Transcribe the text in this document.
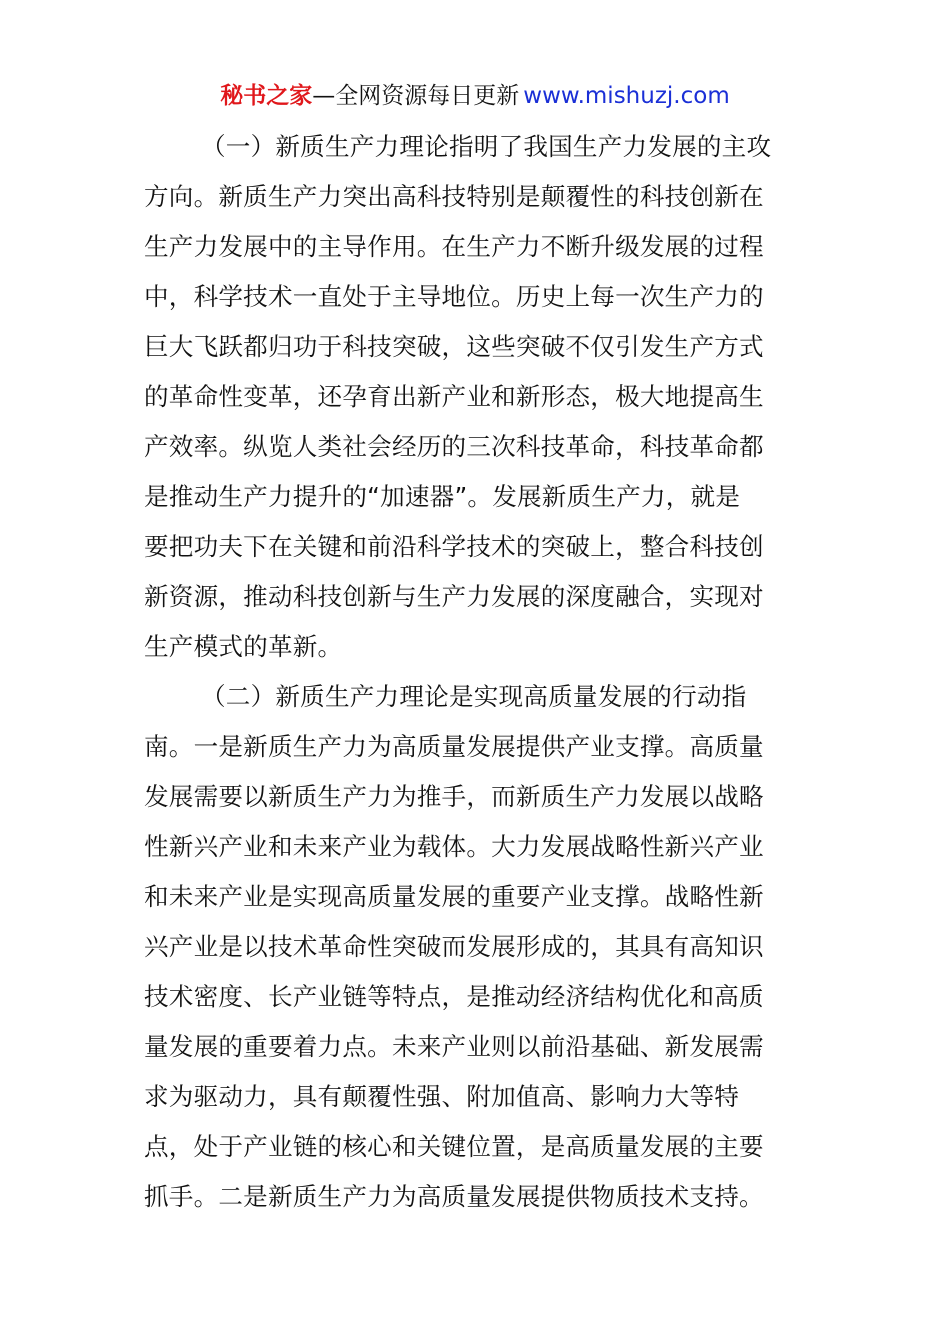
秘书之家—全网资源每日更新 www.mishuzj.com
（一）新质生产力理论指明了我国生产力发展的主攻
方向。新质生产力突出高科技特别是颠覆性的科技创新在
生产力发展中的主导作用。在生产力不断升级发展的过程
中，科学技术一直处于主导地位。历史上每一次生产力的
巨大飞跃都归功于科技突破，这些突破不仅引发生产方式
的革命性变革，还孕育出新产业和新形态，极大地提高生
产效率。纵览人类社会经历的三次科技革命，科技革命都
是推动生产力提升的“加速器”。发展新质生产力，就是
要把功夫下在关键和前沿科学技术的突破上，整合科技创
新资源，推动科技创新与生产力发展的深度融合，实现对
生产模式的革新。
（二）新质生产力理论是实现高质量发展的行动指
南。一是新质生产力为高质量发展提供产业支撑。高质量
发展需要以新质生产力为推手，而新质生产力发展以战略
性新兴产业和未来产业为载体。大力发展战略性新兴产业
和未来产业是实现高质量发展的重要产业支撑。战略性新
兴产业是以技术革命性突破而发展形成的，其具有高知识
技术密度、长产业链等特点，是推动经济结构优化和高质
量发展的重要着力点。未来产业则以前沿基础、新发展需
求为驱动力，具有颠覆性强、附加值高、影响力大等特
点，处于产业链的核心和关键位置，是高质量发展的主要
抓手。二是新质生产力为高质量发展提供物质技术支持。
